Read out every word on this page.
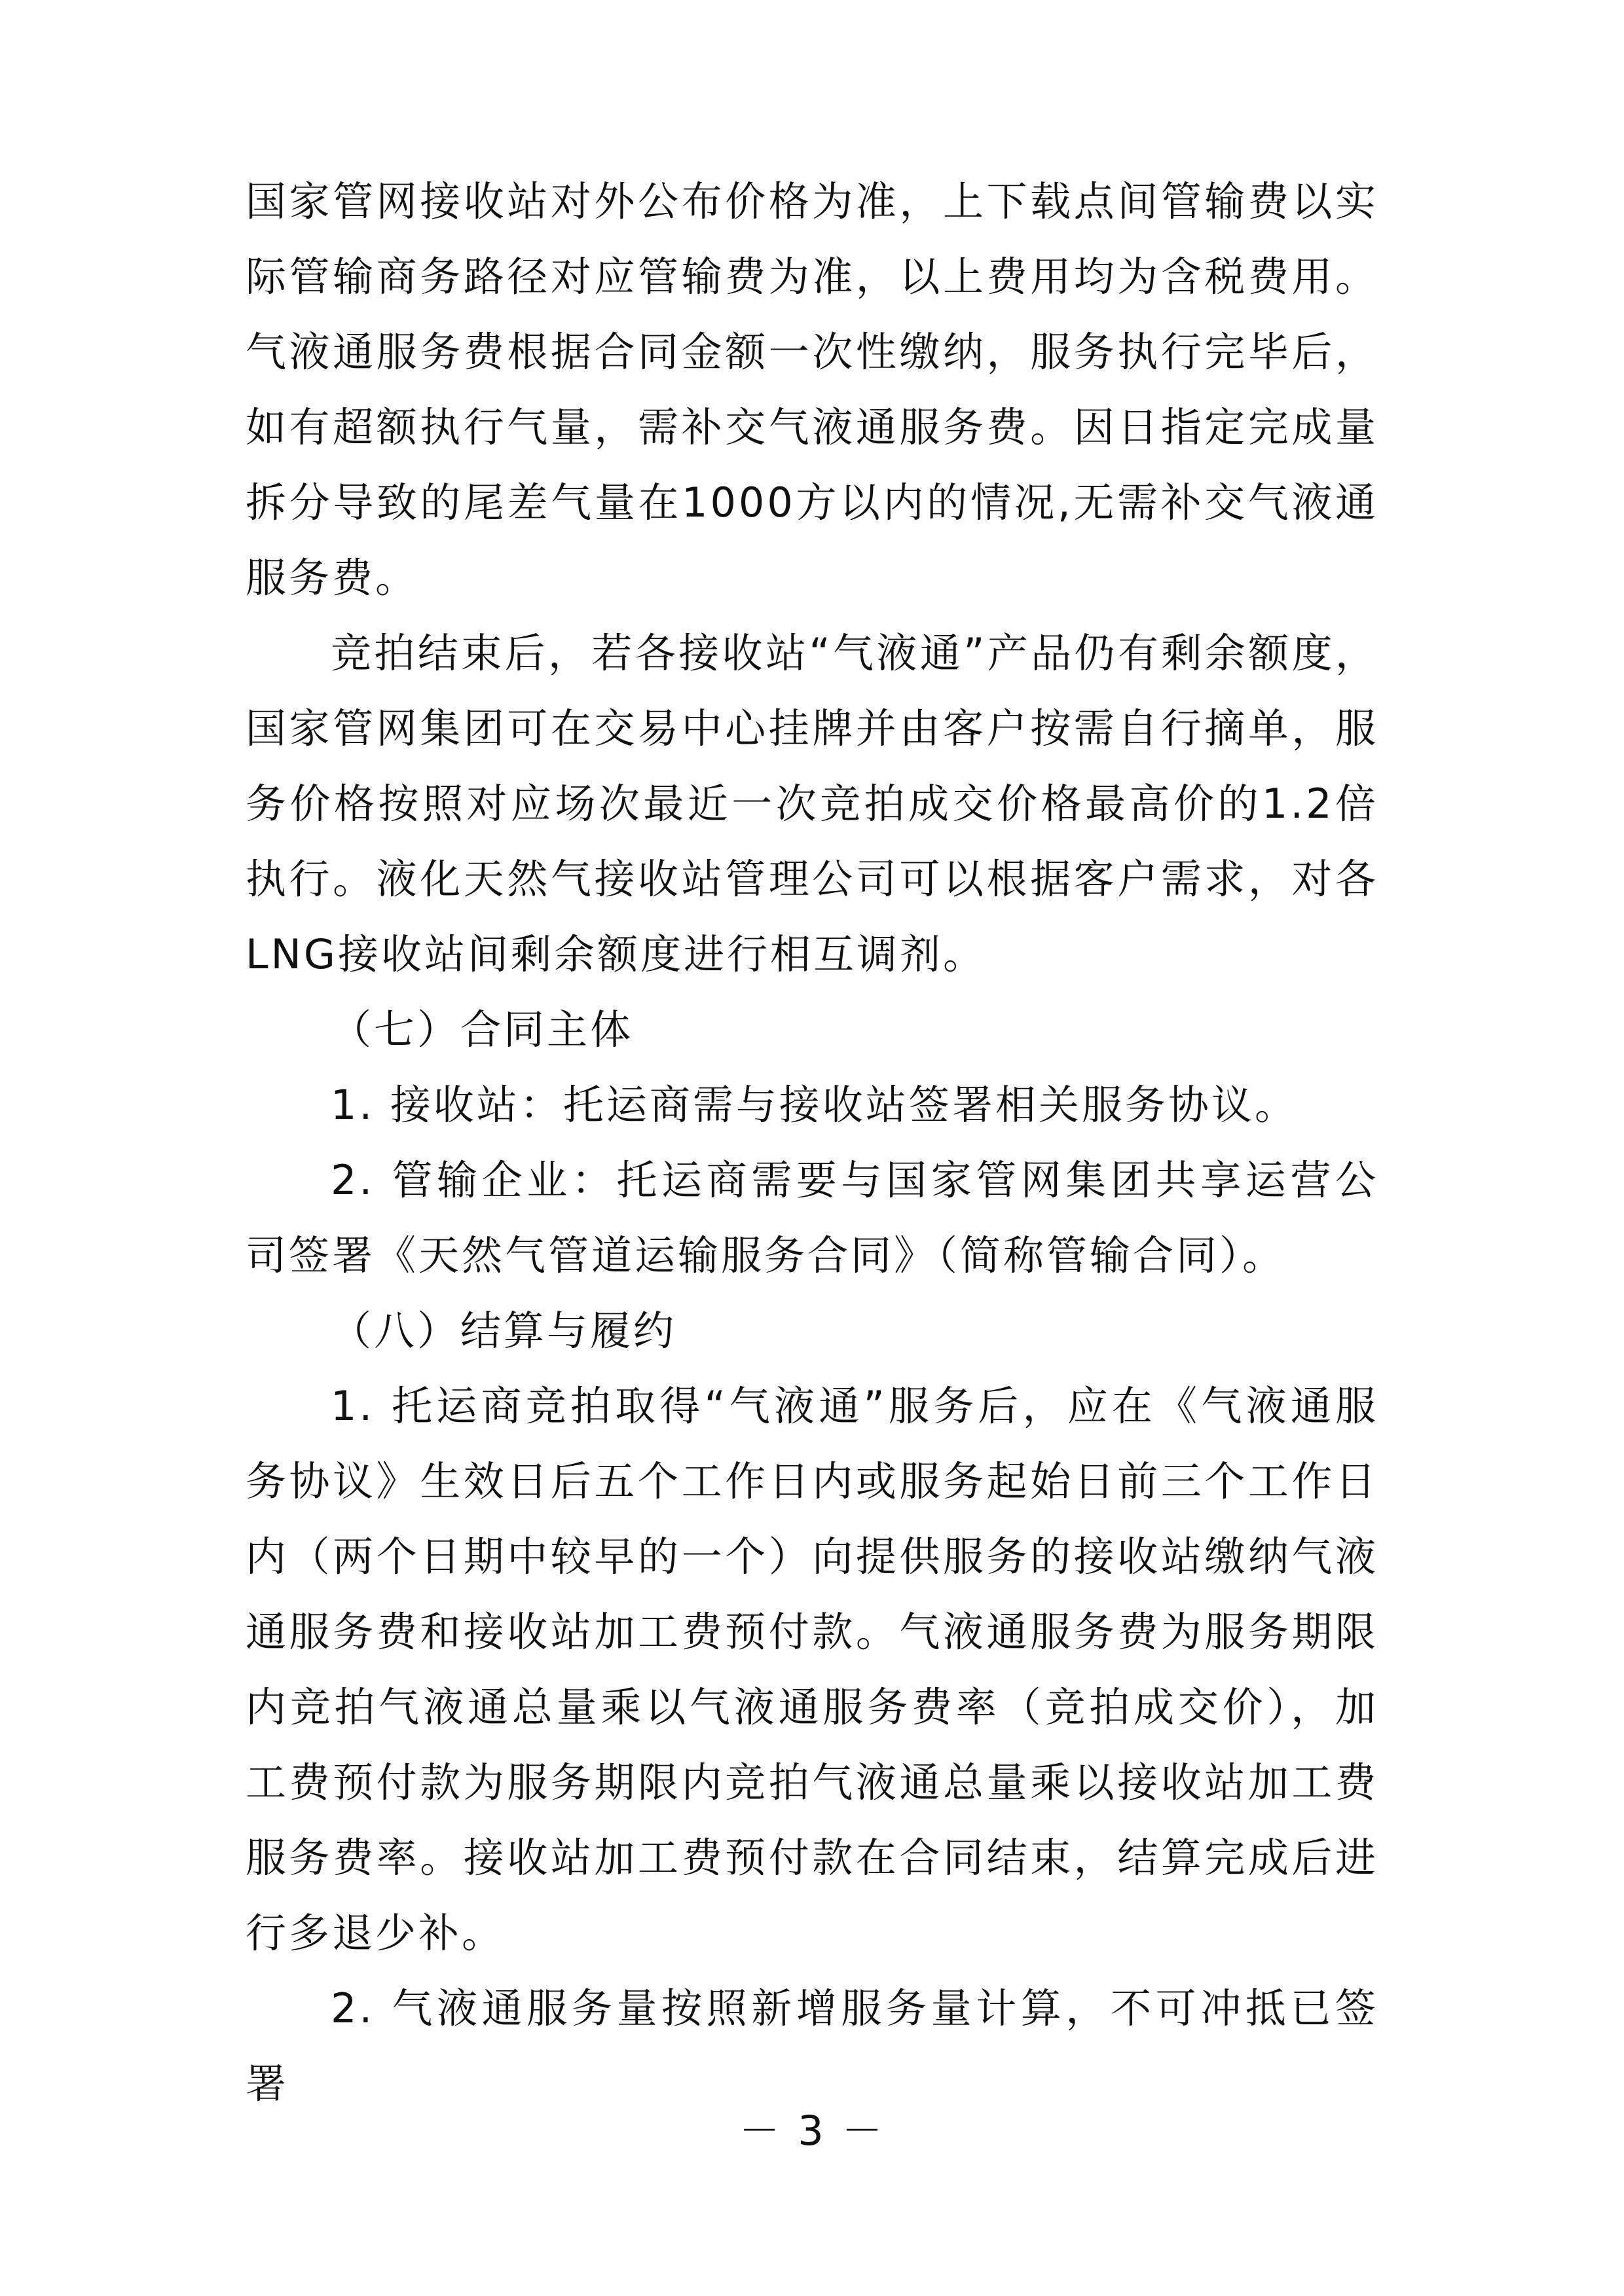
国家管网接收站对外公布价格为准，上下载点间管输费以实际管输商务路径对应管输费为准，以上费用均为含税费用。气液通服务费根据合同金额一次性缴纳，服务执行完毕后，如有超额执行气量，需补交气液通服务费。因日指定完成量拆分导致的尾差气量在1000方以内的情况,无需补交气液通服务费。

竞拍结束后，若各接收站“气液通”产品仍有剩余额度，国家管网集团可在交易中心挂牌并由客户按需自行摘单，服务价格按照对应场次最近一次竞拍成交价格最高价的1.2倍执行。液化天然气接收站管理公司可以根据客户需求，对各LNG接收站间剩余额度进行相互调剂。

（七）合同主体

1. 接收站：托运商需与接收站签署相关服务协议。

2. 管输企业：托运商需要与国家管网集团共享运营公司签署《天然气管道运输服务合同》（简称管输合同）。

（八）结算与履约

1. 托运商竞拍取得“气液通”服务后，应在《气液通服务协议》生效日后五个工作日内或服务起始日前三个工作日内（两个日期中较早的一个）向提供服务的接收站缴纳气液通服务费和接收站加工费预付款。气液通服务费为服务期限内竞拍气液通总量乘以气液通服务费率（竞拍成交价），加工费预付款为服务期限内竞拍气液通总量乘以接收站加工费服务费率。接收站加工费预付款在合同结束，结算完成后进行多退少补。

2. 气液通服务量按照新增服务量计算，不可冲抵已签署

－ 3 －
